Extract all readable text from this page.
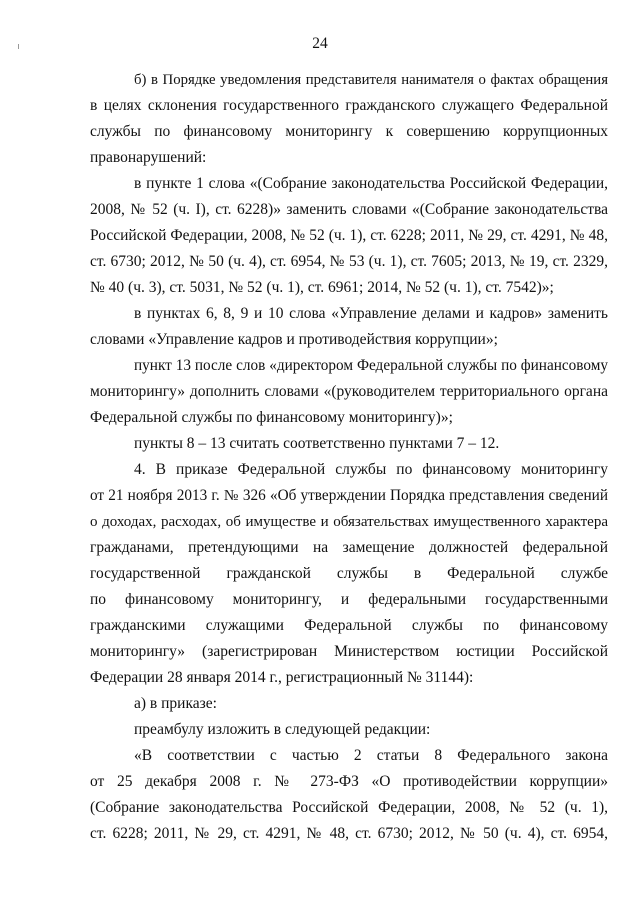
24
б) в Порядке уведомления представителя нанимателя о фактах обращения
в целях склонения государственного гражданского служащего Федеральной
службы по финансовому мониторингу к совершению коррупционных
правонарушений:
в пункте 1 слова «(Собрание законодательства Российской Федерации,
2008, № 52 (ч. I), ст. 6228)» заменить словами «(Собрание законодательства
Российской Федерации, 2008, № 52 (ч. 1), ст. 6228; 2011, № 29, ст. 4291, № 48,
ст. 6730; 2012, № 50 (ч. 4), ст. 6954, № 53 (ч. 1), ст. 7605; 2013, № 19, ст. 2329,
№ 40 (ч. 3), ст. 5031, № 52 (ч. 1), ст. 6961; 2014, № 52 (ч. 1), ст. 7542)»;
в пунктах 6, 8, 9 и 10 слова «Управление делами и кадров» заменить
словами «Управление кадров и противодействия коррупции»;
пункт 13 после слов «директором Федеральной службы по финансовому
мониторингу» дополнить словами «(руководителем территориального органа
Федеральной службы по финансовому мониторингу)»;
пункты 8 – 13 считать соответственно пунктами 7 – 12.
4. В приказе Федеральной службы по финансовому мониторингу
от 21 ноября 2013 г. № 326 «Об утверждении Порядка представления сведений
о доходах, расходах, об имуществе и обязательствах имущественного характера
гражданами, претендующими на замещение должностей федеральной
государственной гражданской службы в Федеральной службе
по финансовому мониторингу, и федеральными государственными
гражданскими служащими Федеральной службы по финансовому
мониторингу» (зарегистрирован Министерством юстиции Российской
Федерации 28 января 2014 г., регистрационный № 31144):
а) в приказе:
преамбулу изложить в следующей редакции:
«В соответствии с частью 2 статьи 8 Федерального закона
от 25 декабря 2008 г. № 273-ФЗ «О противодействии коррупции»
(Собрание законодательства Российской Федерации, 2008, № 52 (ч. 1),
ст. 6228; 2011, № 29, ст. 4291, № 48, ст. 6730; 2012, № 50 (ч. 4), ст. 6954,
